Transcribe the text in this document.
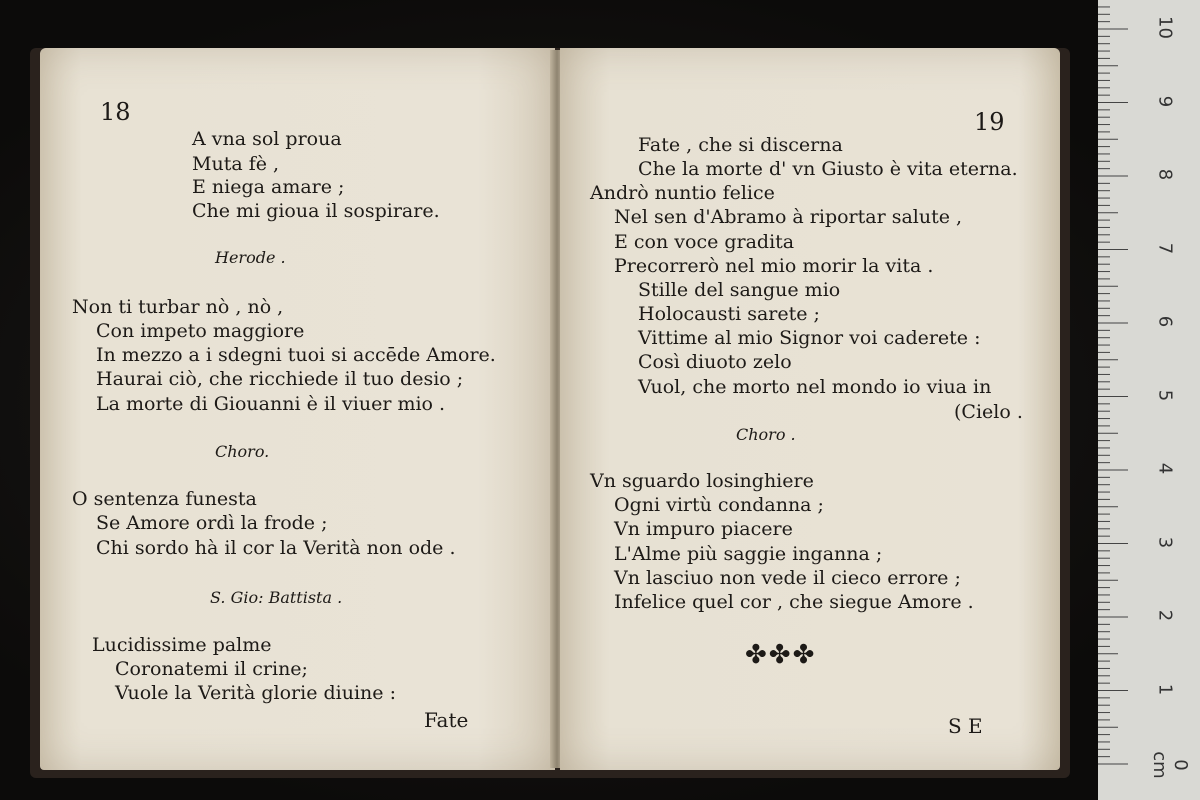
18
A vna sol proua
Muta fè ,
E niega amare ;
Che mi gioua il sospirare.
Herode .
Non ti turbar nò , nò ,
Con impeto maggiore
In mezzo a i sdegni tuoi si accēde Amore.
Haurai ciò, che ricchiede il tuo desio ;
La morte di Giouanni è il viuer mio .
Choro.
O sentenza funesta
Se Amore ordì la frode ;
Chi sordo hà il cor la Verità non ode .
S. Gio: Battista .
Lucidissime palme
Coronatemi il crine;
Vuole la Verità glorie diuine :
Fate
19
Fate , che si discerna
Che la morte d' vn Giusto è vita eterna.
Andrò nuntio felice
Nel sen d'Abramo à riportar salute ,
E con voce gradita
Precorrerò nel mio morir la vita .
Stille del sangue mio
Holocausti sarete ;
Vittime al mio Signor voi caderete :
Così diuoto zelo
Vuol, che morto nel mondo io viua in
(Cielo .
Choro .
Vn sguardo losinghiere
Ogni virtù condanna ;
Vn impuro piacere
L'Alme più saggie inganna ;
Vn lasciuo non vede il cieco errore ;
Infelice quel cor , che siegue Amore .
S E
✤✤✤
0 cm
1
2
3
4
5
6
7
8
9
10
